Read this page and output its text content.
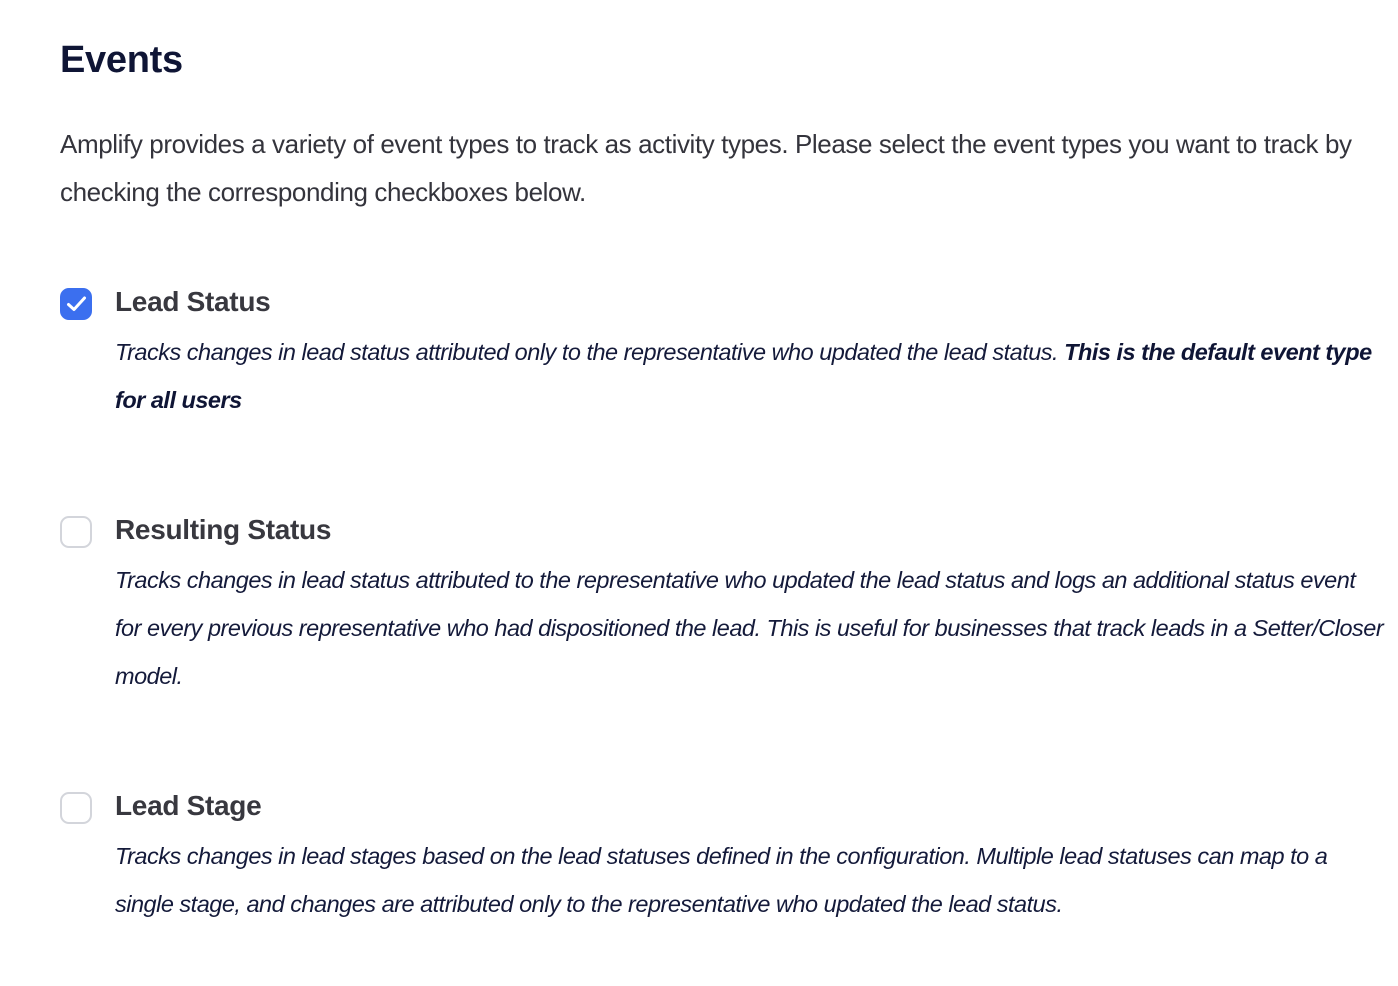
Events

Amplify provides a variety of event types to track as activity types. Please select the event types you want to track by checking the corresponding checkboxes below.

Lead Status

Tracks changes in lead status attributed only to the representative who updated the lead status. This is the default event type for all users

Resulting Status

Tracks changes in lead status attributed to the representative who updated the lead status and logs an additional status event for every previous representative who had dispositioned the lead. This is useful for businesses that track leads in a Setter/Closer model.

Lead Stage

Tracks changes in lead stages based on the lead statuses defined in the configuration. Multiple lead statuses can map to a single stage, and changes are attributed only to the representative who updated the lead status.
